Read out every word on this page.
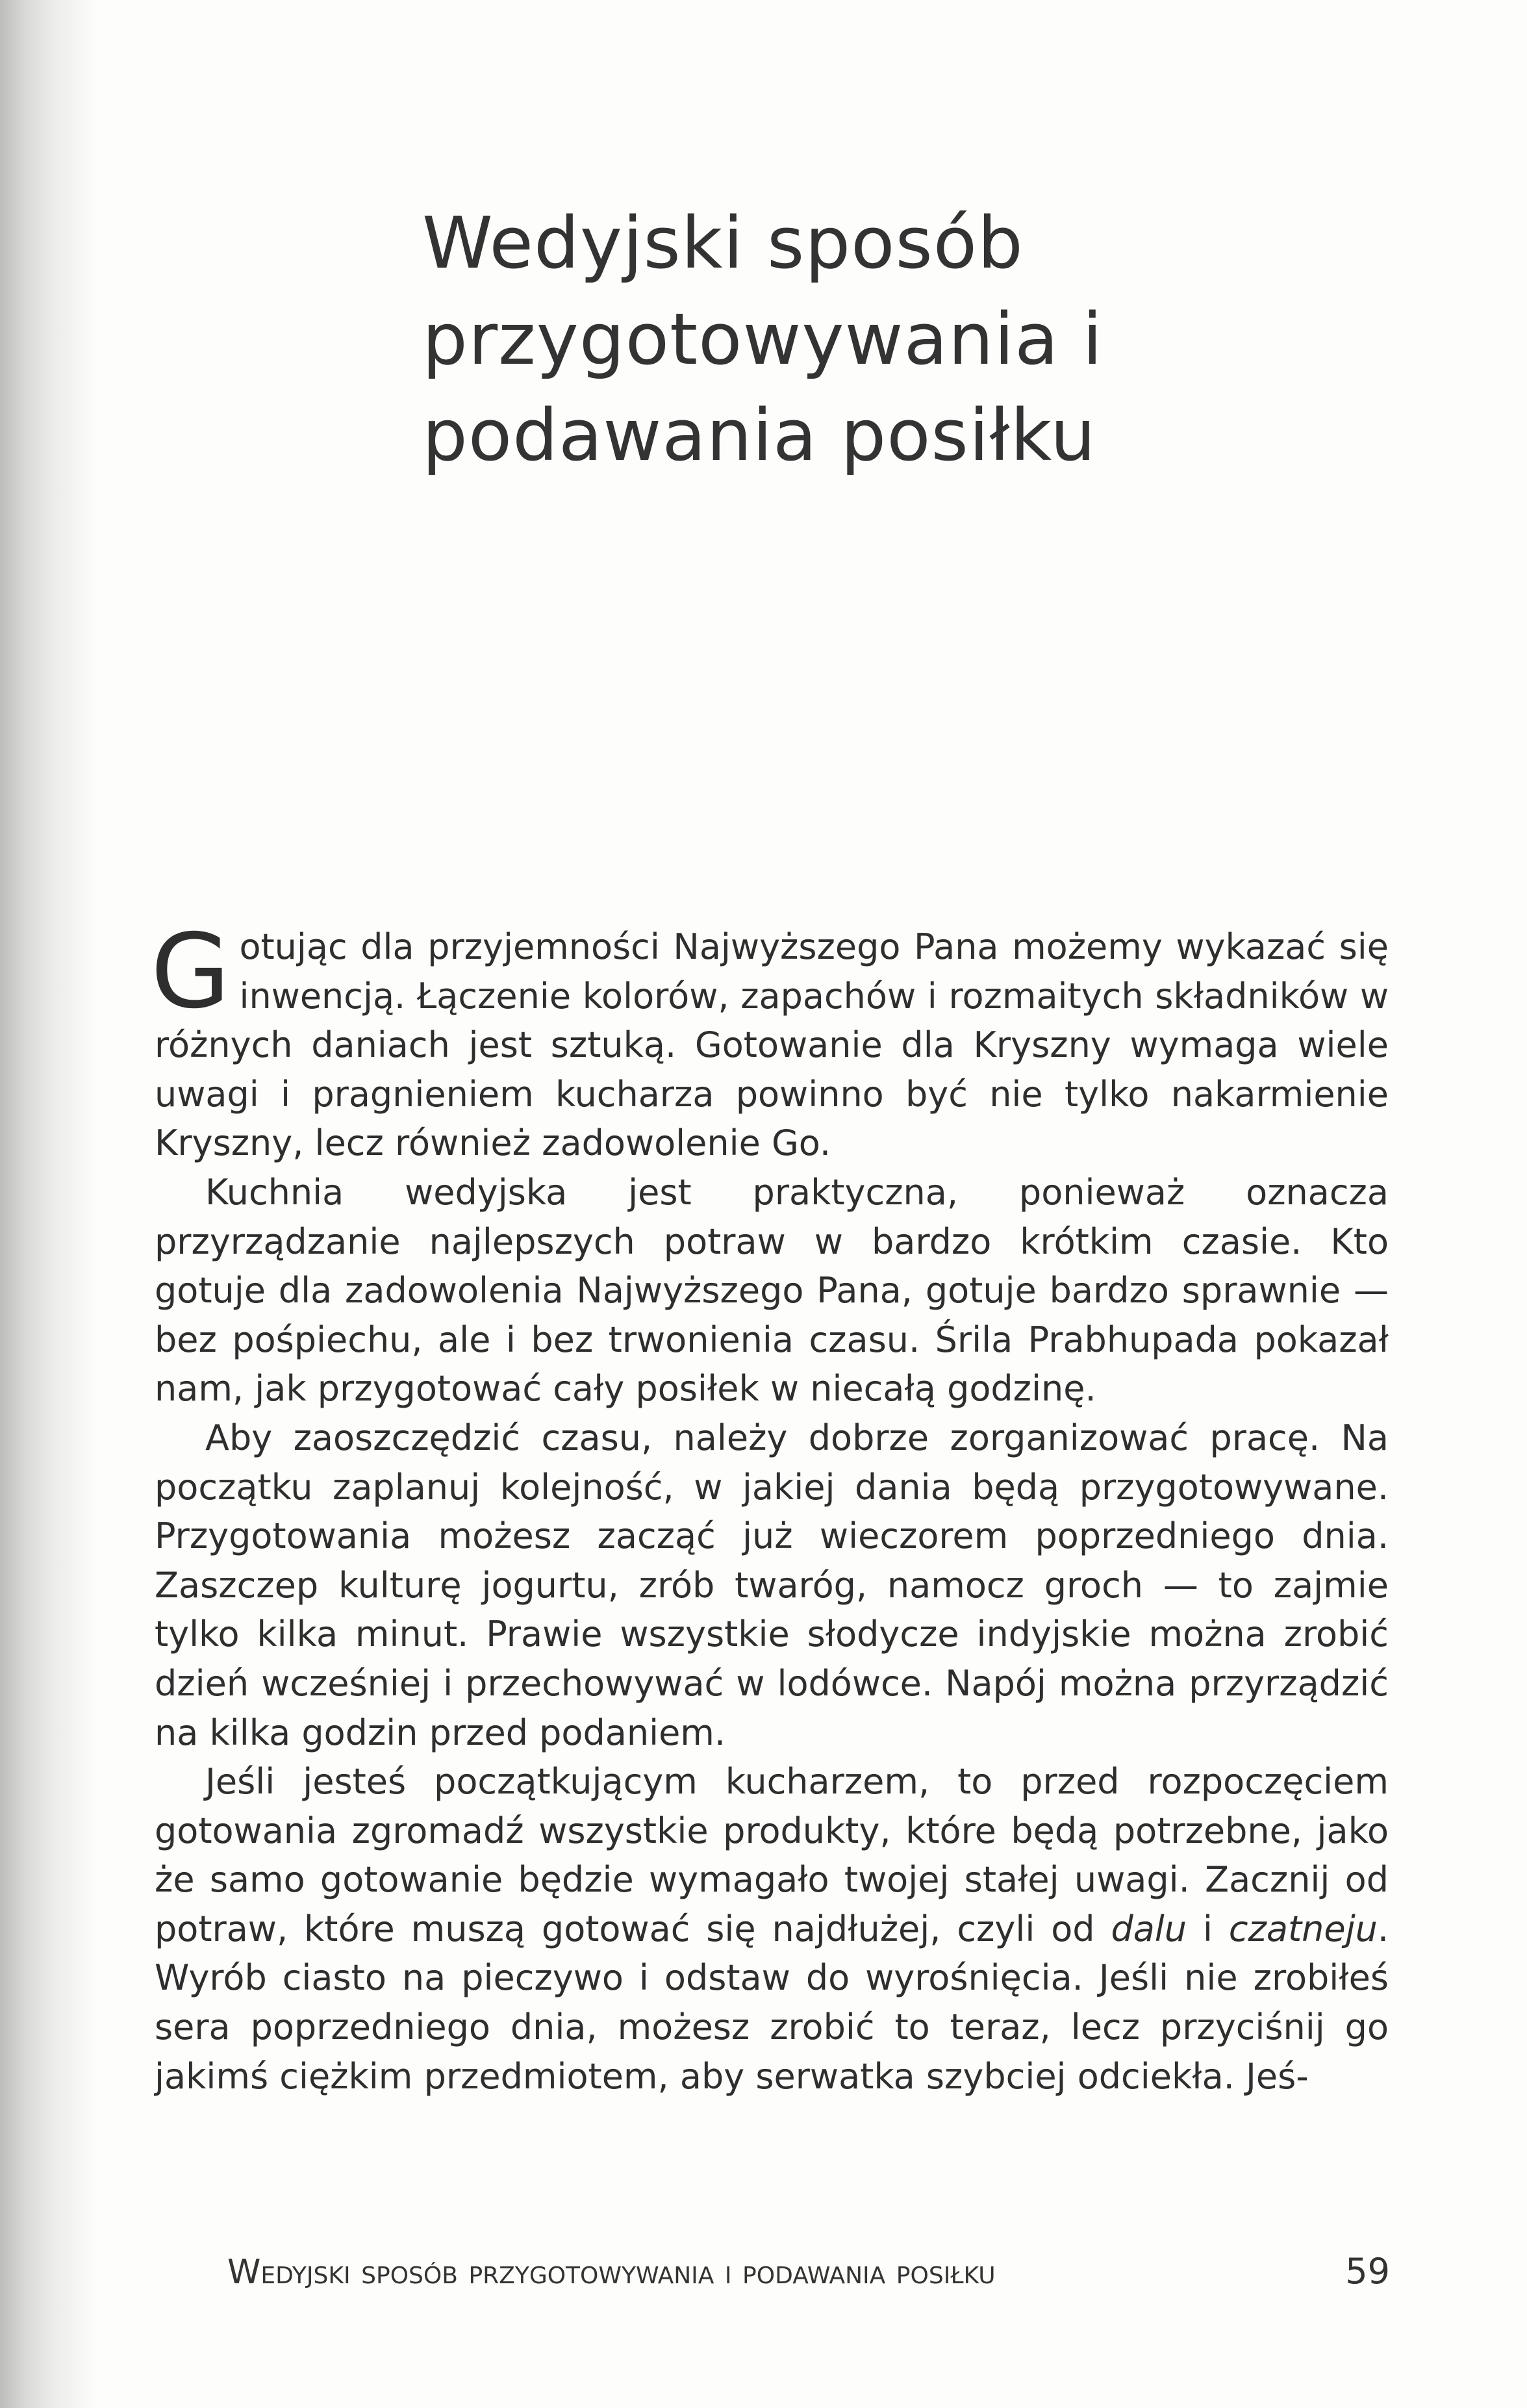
Wedyjski sposób
przygotowywania i
podawania posiłku

Gotując dla przyjemności Najwyższego Pana możemy wykazać się inwencją. Łączenie kolorów, zapachów i rozmaitych składników w różnych daniach jest sztuką. Gotowanie dla Kryszny wymaga wiele uwagi i pragnieniem kucharza powinno być nie tylko nakarmienie Kryszny, lecz również zadowolenie Go.

Kuchnia wedyjska jest praktyczna, ponieważ oznacza przyrządzanie najlepszych potraw w bardzo krótkim czasie. Kto gotuje dla zadowolenia Najwyższego Pana, gotuje bardzo sprawnie — bez pośpiechu, ale i bez trwonienia czasu. Śrila Prabhupada pokazał nam, jak przygotować cały posiłek w niecałą godzinę.

Aby zaoszczędzić czasu, należy dobrze zorganizować pracę. Na początku zaplanuj kolejność, w jakiej dania będą przygotowywane. Przygotowania możesz zacząć już wieczorem poprzedniego dnia. Zaszczep kulturę jogurtu, zrób twaróg, namocz groch — to zajmie tylko kilka minut. Prawie wszystkie słodycze indyjskie można zrobić dzień wcześniej i przechowywać w lodówce. Napój można przyrządzić na kilka godzin przed podaniem.

Jeśli jesteś początkującym kucharzem, to przed rozpoczęciem gotowania zgromadź wszystkie produkty, które będą potrzebne, jako że samo gotowanie będzie wymagało twojej stałej uwagi. Zacznij od potraw, które muszą gotować się najdłużej, czyli od dalu i czatneju. Wyrób ciasto na pieczywo i odstaw do wyrośnięcia. Jeśli nie zrobiłeś sera poprzedniego dnia, możesz zrobić to teraz, lecz przyciśnij go jakimś ciężkim przedmiotem, aby serwatka szybciej odciekła. Jeś-

Wedyjski sposób przygotowywania i podawania posiłku	59
